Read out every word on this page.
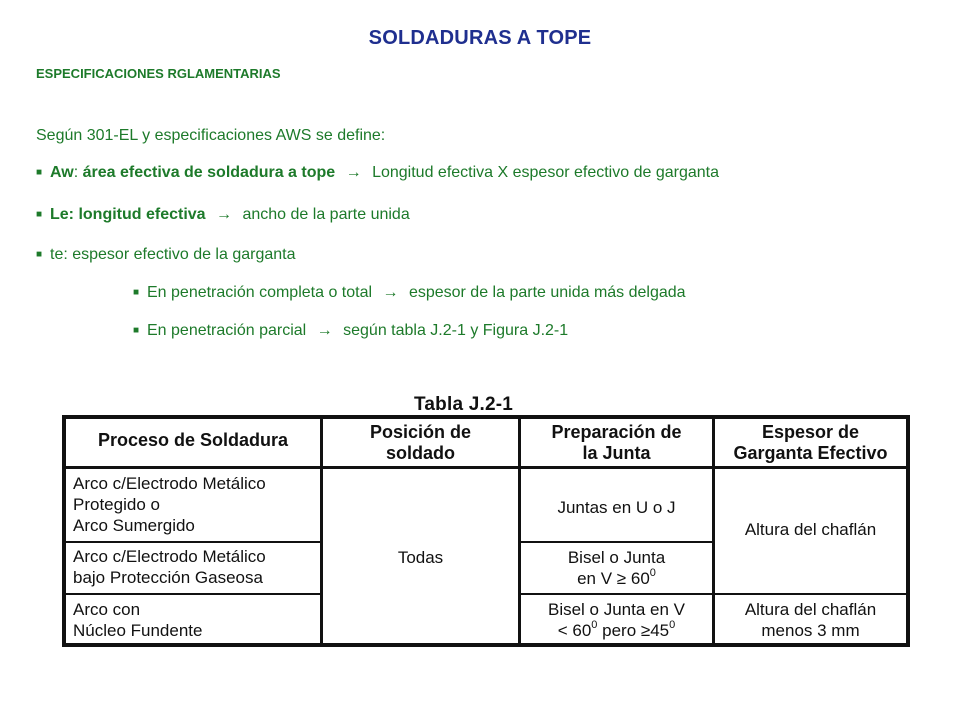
SOLDADURAS A TOPE
ESPECIFICACIONES RGLAMENTARIAS
Según 301-EL y especificaciones AWS se define:
■ Aw: área efectiva de soldadura a tope → Longitud efectiva X espesor efectivo de garganta
■ Le: longitud efectiva → ancho de la parte unida
■ te: espesor efectivo de la garganta
■ En penetración completa o total → espesor de la parte unida más delgada
■ En penetración parcial → según tabla J.2-1 y Figura J.2-1
Tabla J.2-1
Proceso de Soldadura	Posición de
soldado
Preparación de
la Junta
Espesor de
Garganta Efectivo
Arco c/Electrodo Metálico
Protegido o
Arco Sumergido
Arco c/Electrodo Metálico
bajo Protección Gaseosa
Arco con
Núcleo Fundente
Todas
Juntas en U o J
Bisel o Junta
en $V \ge 60^0$
Bisel o Junta en V
< $60^0$ pero $\ge 45^0$
Altura del chaflán
Altura del chaflán
menos 3 mm
